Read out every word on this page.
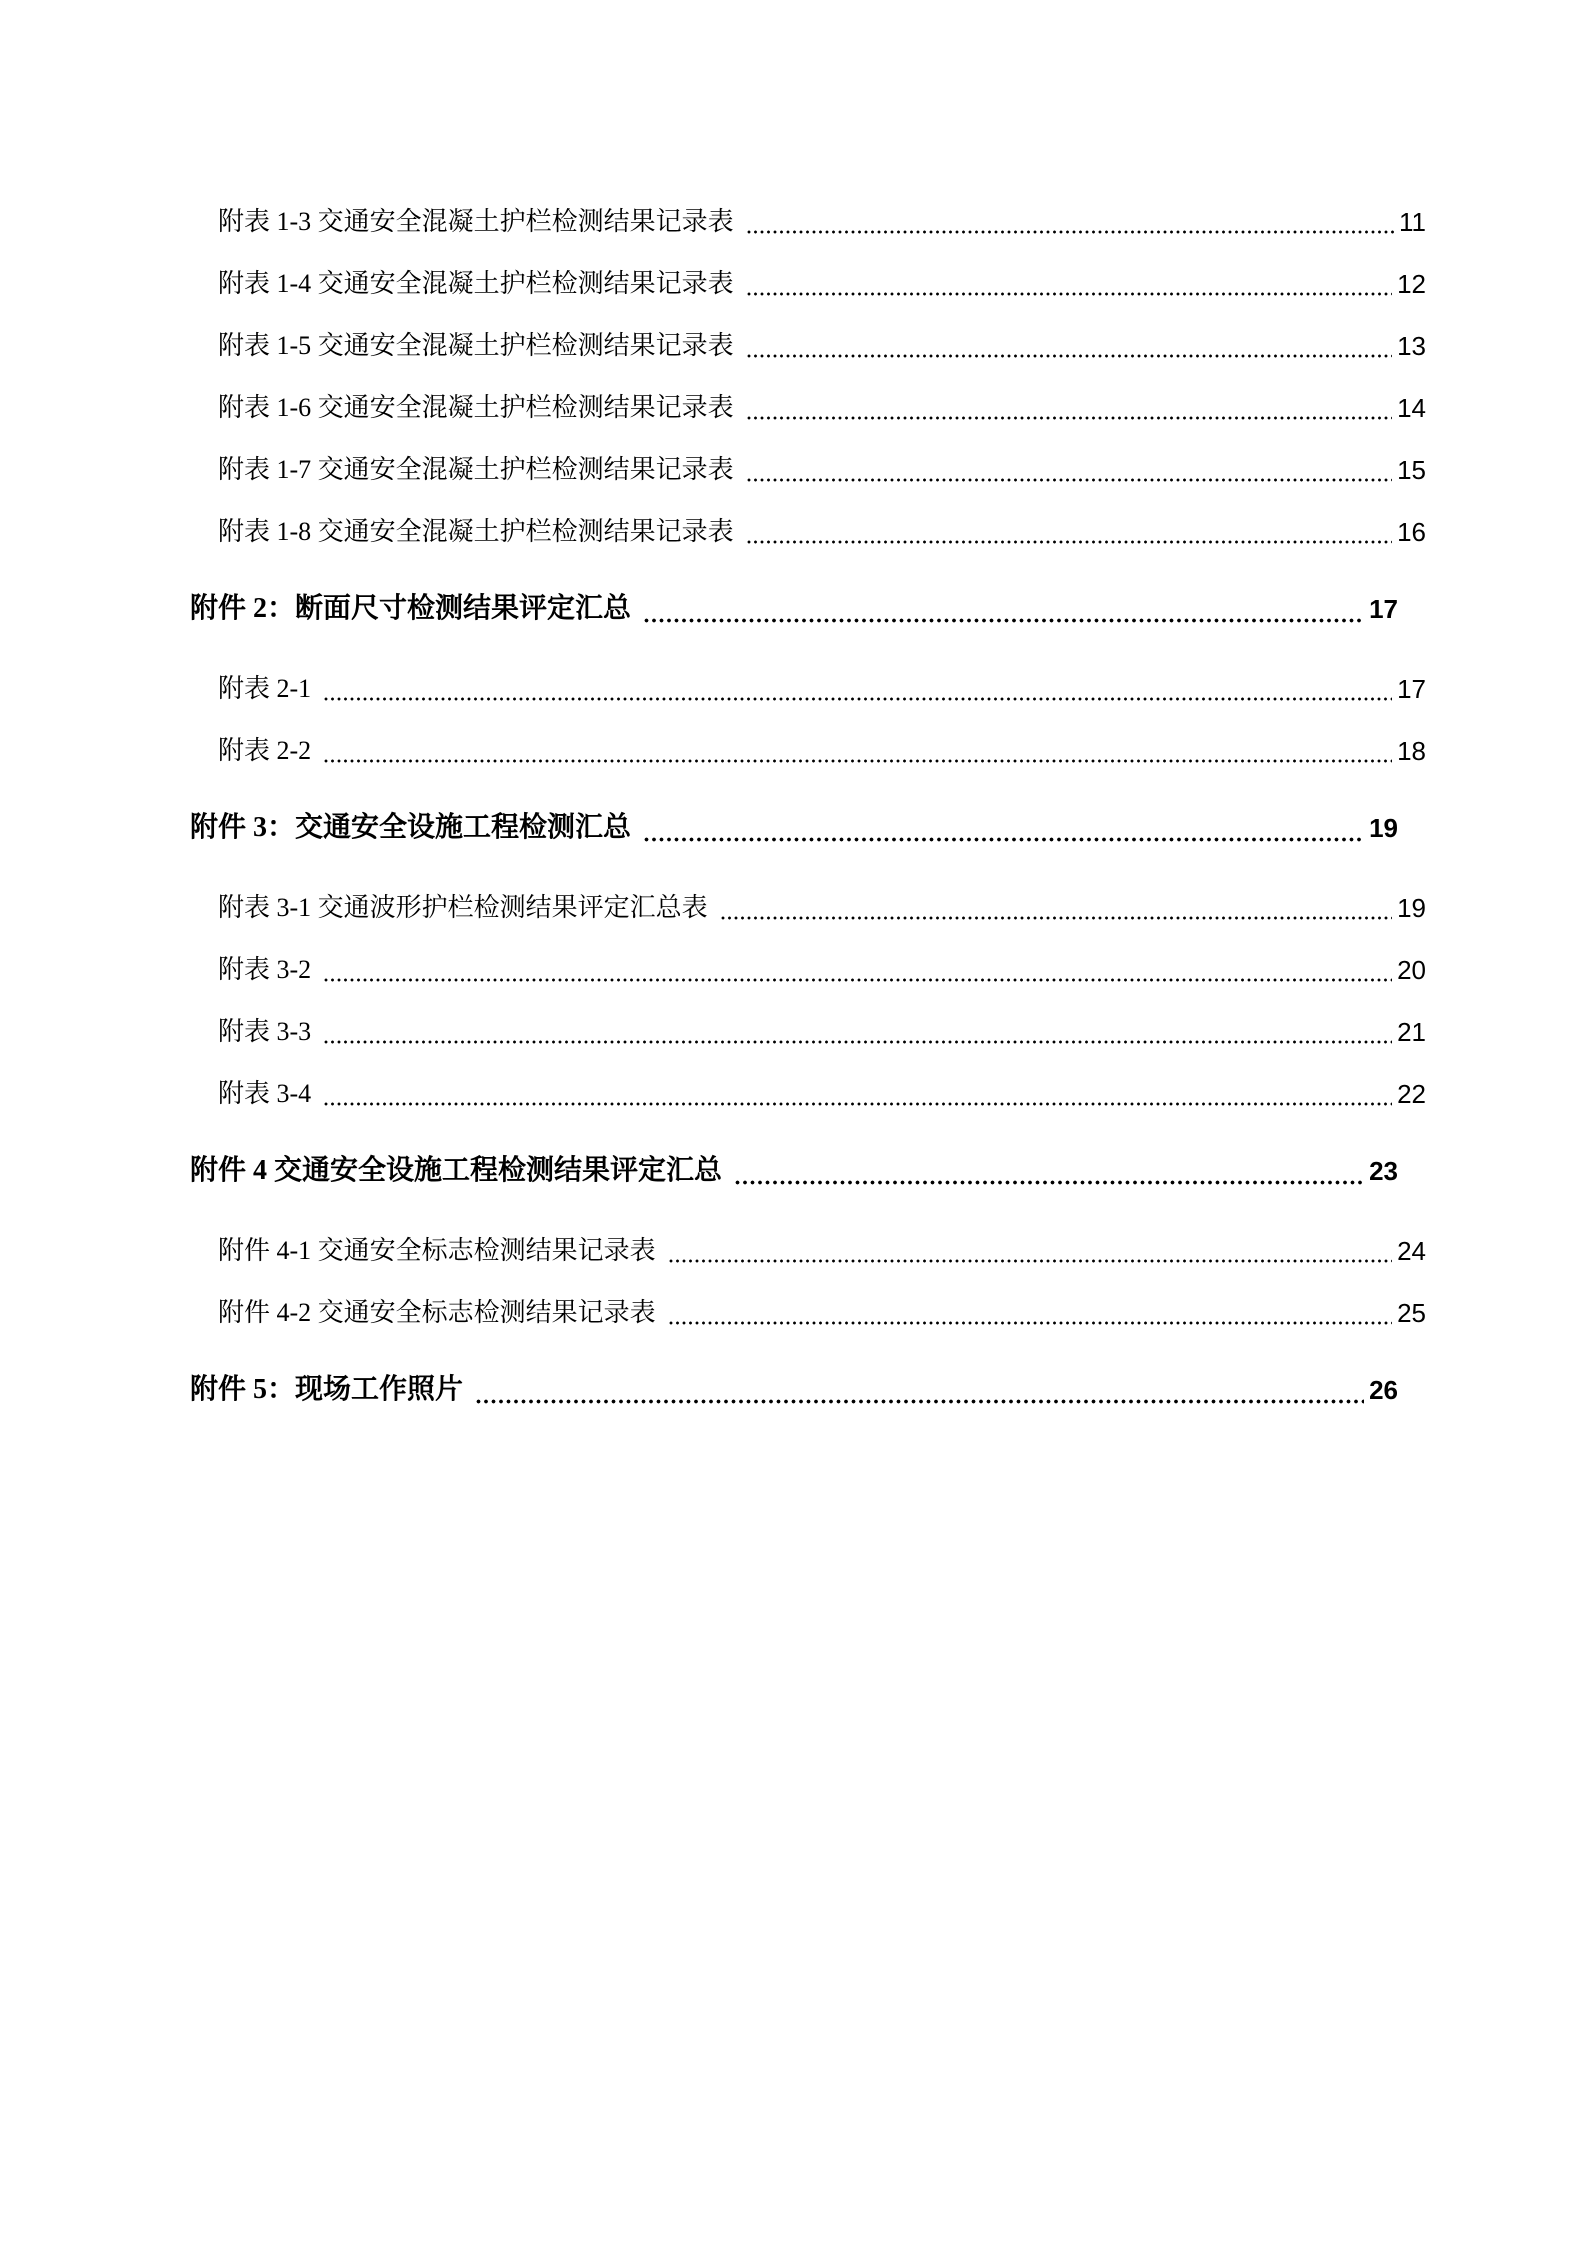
附表 1-3 交通安全混凝土护栏检测结果记录表	11
附表 1-4 交通安全混凝土护栏检测结果记录表	12
附表 1-5 交通安全混凝土护栏检测结果记录表	13
附表 1-6 交通安全混凝土护栏检测结果记录表	14
附表 1-7 交通安全混凝土护栏检测结果记录表	15
附表 1-8 交通安全混凝土护栏检测结果记录表	16
附件 2：断面尺寸检测结果评定汇总	17
附表 2-1	17
附表 2-2	18
附件 3：交通安全设施工程检测汇总	19
附表 3-1 交通波形护栏检测结果评定汇总表	19
附表 3-2	20
附表 3-3	21
附表 3-4	22
附件 4 交通安全设施工程检测结果评定汇总	23
附件 4-1 交通安全标志检测结果记录表	24
附件 4-2 交通安全标志检测结果记录表	25
附件 5：现场工作照片	26
